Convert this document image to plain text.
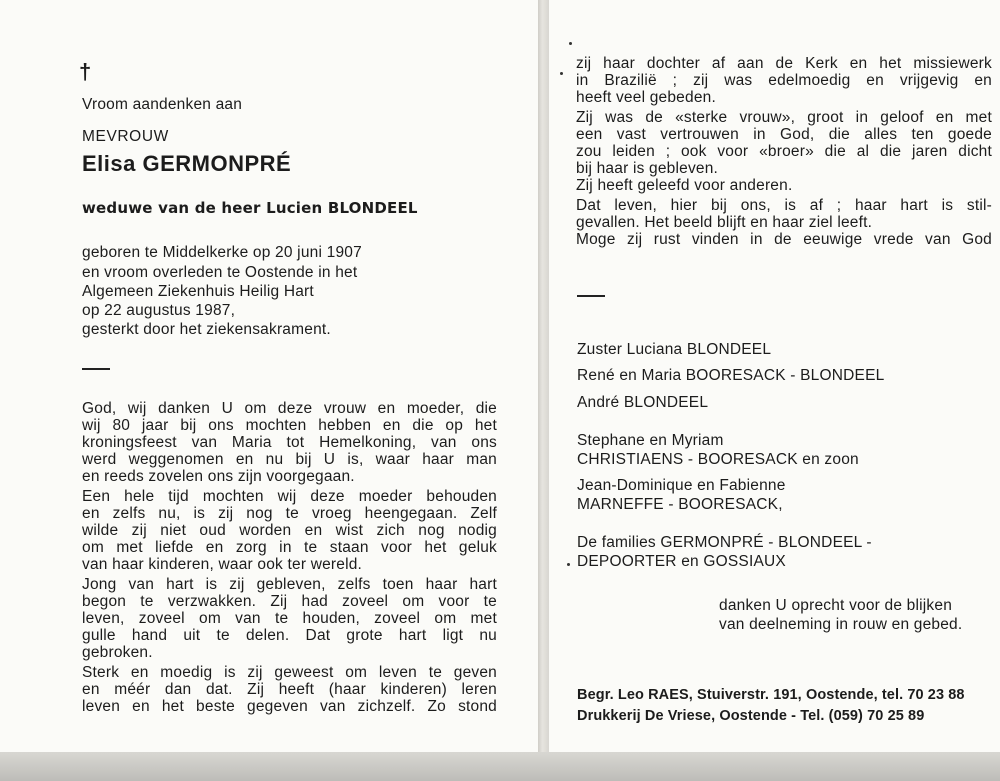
†
Vroom aandenken aan
MEVROUW
Elisa GERMONPRÉ
weduwe van de heer Lucien BLONDEEL
geboren te Middelkerke op 20 juni 1907
en vroom overleden te Oostende in het
Algemeen Ziekenhuis Heilig Hart
op 22 augustus 1987,
gesterkt door het ziekensakrament.
God, wij danken U om deze vrouw en moeder, die
wij 80 jaar bij ons mochten hebben en die op het
kroningsfeest van Maria tot Hemelkoning, van ons
werd weggenomen en nu bij U is, waar haar man
en reeds zovelen ons zijn voorgegaan.
Een hele tijd mochten wij deze moeder behouden
en zelfs nu, is zij nog te vroeg heengegaan. Zelf
wilde zij niet oud worden en wist zich nog nodig
om met liefde en zorg in te staan voor het geluk
van haar kinderen, waar ook ter wereld.
Jong van hart is zij gebleven, zelfs toen haar hart
begon te verzwakken. Zij had zoveel om voor te
leven, zoveel om van te houden, zoveel om met
gulle hand uit te delen. Dat grote hart ligt nu
gebroken.
Sterk en moedig is zij geweest om leven te geven
en méér dan dat. Zij heeft (haar kinderen) leren
leven en het beste gegeven van zichzelf. Zo stond
zij haar dochter af aan de Kerk en het missiewerk
in Brazilië ; zij was edelmoedig en vrijgevig en
heeft veel gebeden.
Zij was de «sterke vrouw», groot in geloof en met
een vast vertrouwen in God, die alles ten goede
zou leiden ; ook voor «broer» die al die jaren dicht
bij haar is gebleven.
Zij heeft geleefd voor anderen.
Dat leven, hier bij ons, is af ; haar hart is stil-
gevallen. Het beeld blijft en haar ziel leeft.
Moge zij rust vinden in de eeuwige vrede van God
Zuster Luciana BLONDEEL
René en Maria BOORESACK - BLONDEEL
André BLONDEEL
Stephane en Myriam
CHRISTIAENS - BOORESACK en zoon
Jean-Dominique en Fabienne
MARNEFFE - BOORESACK,
De families GERMONPRÉ - BLONDEEL -
DEPOORTER en GOSSIAUX
danken U oprecht voor de blijken
van deelneming in rouw en gebed.
Begr. Leo RAES, Stuiverstr. 191, Oostende, tel. 70 23 88
Drukkerij De Vriese, Oostende - Tel. (059) 70 25 89
